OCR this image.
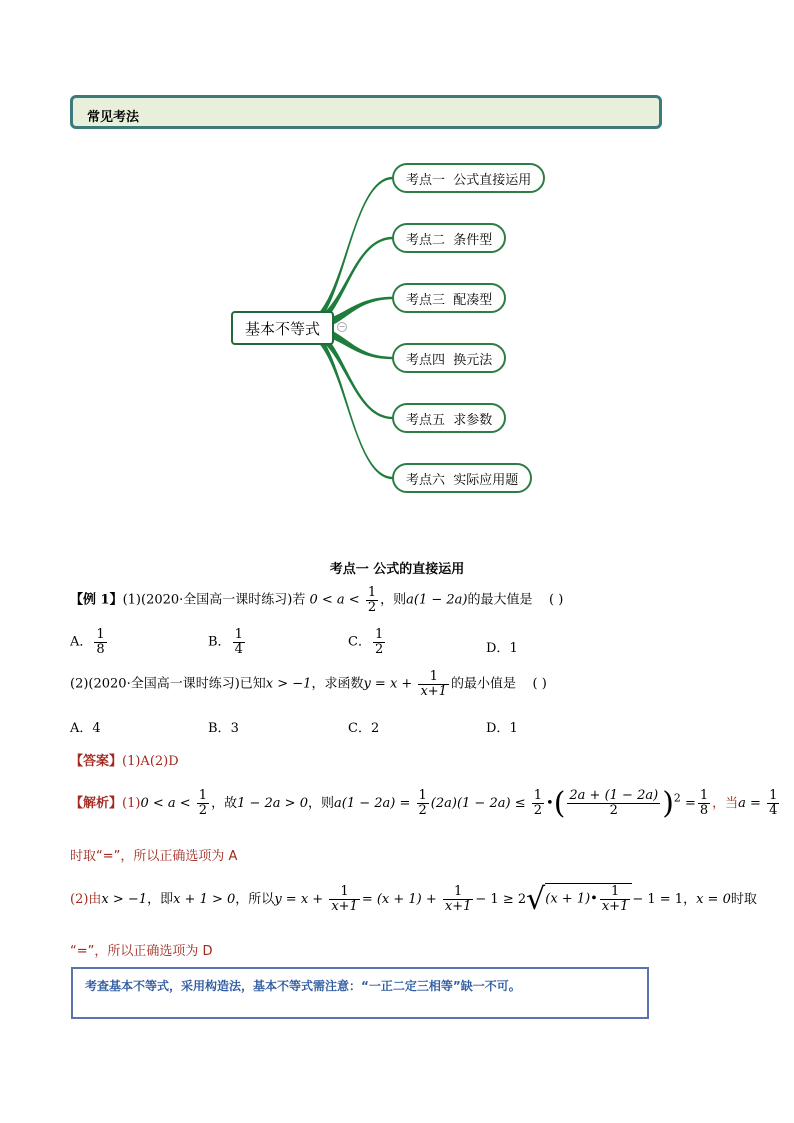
常见考法
基本不等式	−
考点一  公式直接运用
考点二  条件型
考点三  配凑型
考点四  换元法
考点五  求参数
考点六  实际应用题
考点一 公式的直接运用
【例 1】(1)(2020·全国高一课时练习)若 $0 < a < \frac{1}{2}$ ，则a(1 − 2a)的最大值是 ( )
A． $\frac{1}{8}$	B． $\frac{1}{4}$	C． $\frac{1}{2}$	D．1
(2)(2020·全国高一课时练习)已知x > −1，求函数$y = x + \frac{1}{x+1}$ 的最小值是 ( )
A．4	B．3	C．2	D．1
【答案】(1)A(2)D
【解析】$(1)0 < a < \frac{1}{2}$ ，故1 − 2a > 0，则$a(1 - 2a) = \frac{1}{2} (2a)(1 - 2a) \le \frac{1}{2}$ •( $\frac{2a + (1 - 2a)}{2} )^2 = \frac{1}{8}$ ，当$a = \frac{1}{4}$
时取“=”，所以正确选项为 A
(2)由x > −1，即x + 1 > 0，所以$y = x + \frac{1}{x+1} = (x + 1) + \frac{1}{x+1} - 1 \ge 2√(x$ + 1)• $\frac{1}{x+1} - 1 = 1$，x = 0时取
“=”，所以正确选项为 D
考查基本不等式，采用构造法，基本不等式需注意：“一正二定三相等”缺一不可。
